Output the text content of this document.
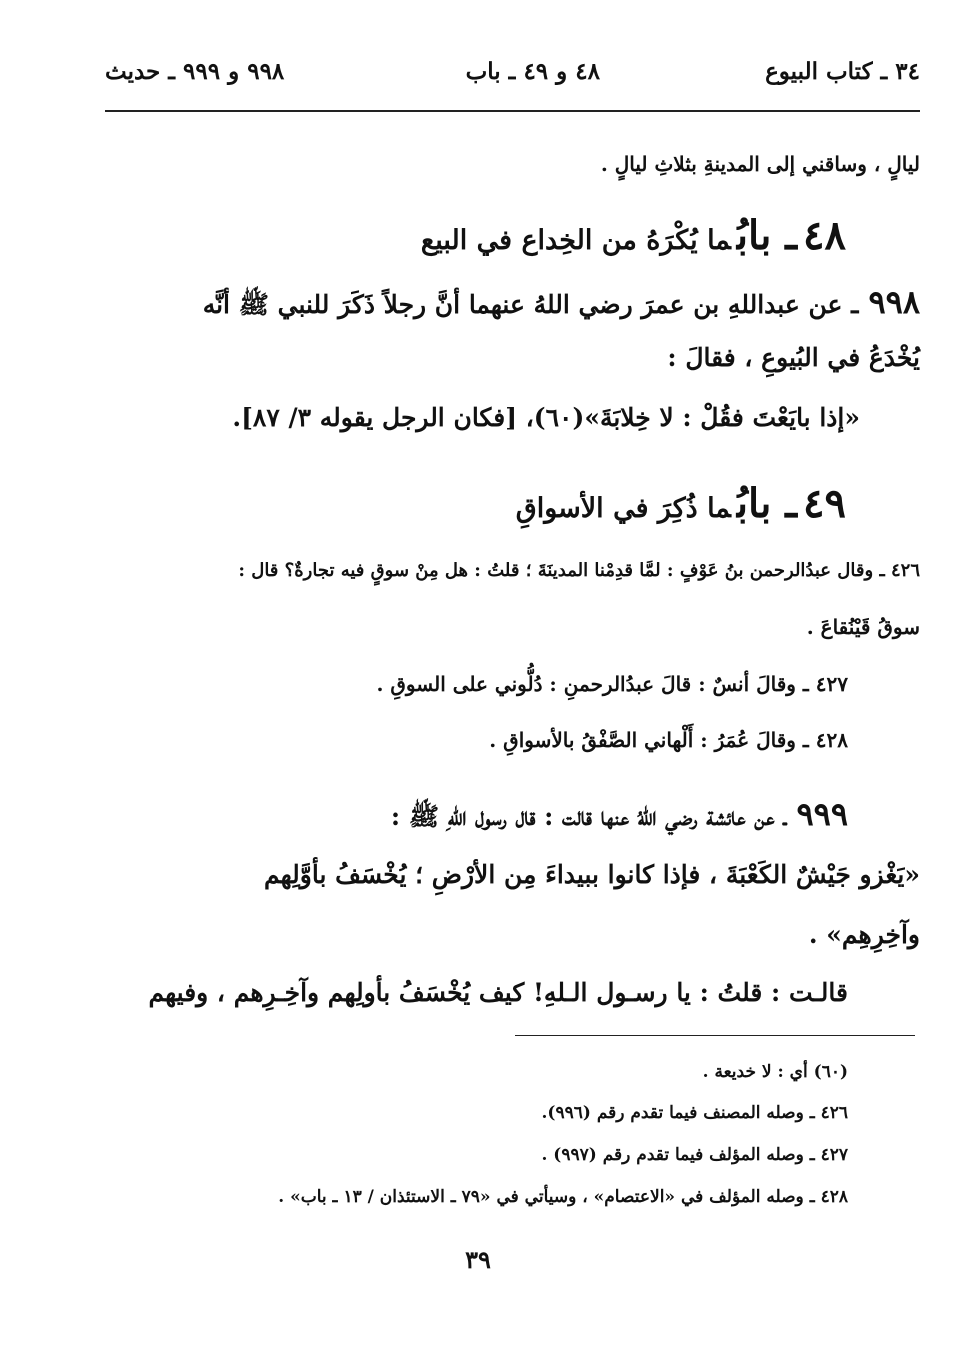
٣٤ ـ كتاب البيوع
٤٨ و ٤٩ ـ باب
٩٩٨ و ٩٩٩ ـ حديث
ليالٍ ، وساقني إلى المدينةِ بثلاثِ ليالٍ .
٤٨ـ بابُما يُكْرَهُ من الخِداع في البيع
٩٩٨ـ عن عبداللهِ بن عمرَ رضي اللهُ عنهما أنَّ رجلاً ذَكَرَ للنبي ﷺ أنَّه
يُخْدَعُ في البُيوعِ ، فقالَ :
«إذا بايَعْتَ فقُلْ : لا خِلابَةَ»(٦٠)، [فكان الرجل يقوله ٣/ ٨٧].
٤٩ـ بابُما ذُكِرَ في الأسواقِ
٤٢٦ ـ وقال عبدُالرحمن بنُ عَوْفٍ : لمَّا قدِمْنا المدينَةَ ؛ قلتُ : هل مِنْ سوقٍ فيه تجارةٌ؟ قال :
سوقُ قَيْنُقاعَ .
٤٢٧ ـ وقالَ أنسٌ : قالَ عبدُالرحمنِ : دُلُّوني على السوقِ .
٤٢٨ ـ وقالَ عُمَرُ : أَلْهاني الصَّفْقُ بالأسواقِ .
٩٩٩ـ عن عائشة رضي اللهُ عنها قالت : قال رسول اللهِ ﷺ :
«يَغْزو جَيْشٌ الكَعْبَةَ ، فإذا كانوا ببيداءَ مِن الأرْضِ ؛ يُخْسَفُ بأوَّلِهم
وآخِرِهِم» .
قالـت : قلتُ : يا رسـول الـلهِ! كيف يُخْسَفُ بأولِهم وآخِـرِهم ، وفيهم
(٦٠) أي : لا خديعة .
٤٢٦ ـ وصله المصنف فيما تقدم رقم (٩٩٦).
٤٢٧ ـ وصله المؤلف فيما تقدم رقم (٩٩٧) .
٤٢٨ ـ وصله المؤلف في «الاعتصام» ، وسيأتي في «٧٩ ـ الاستئذان / ١٣ ـ باب» .
٣٩
